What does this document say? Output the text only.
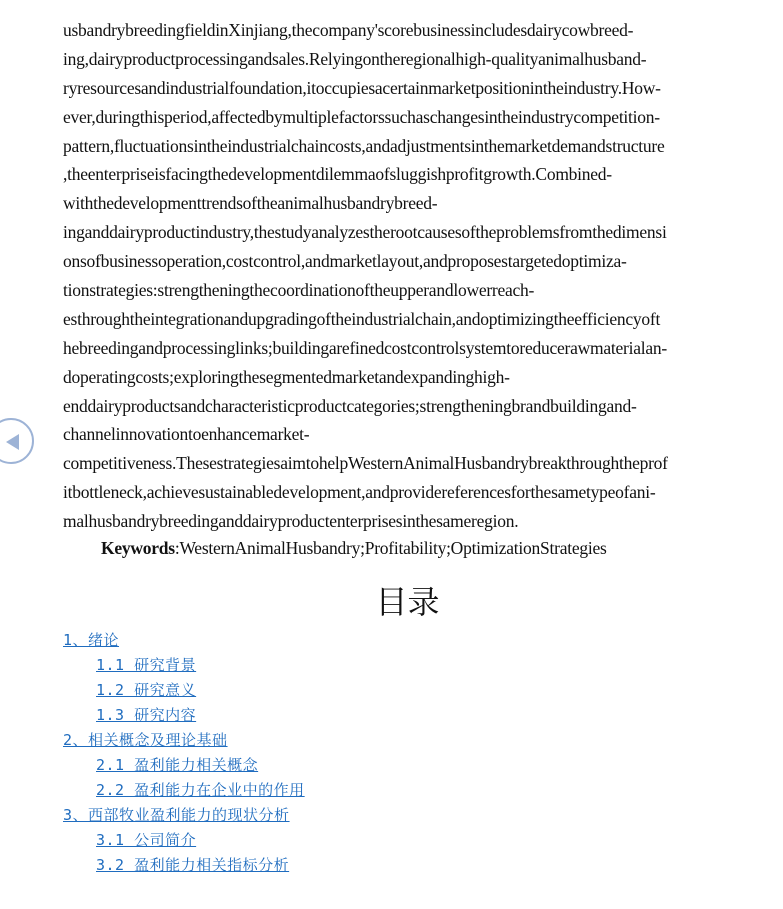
usbandrybreedingfieldinXinjiang,thecompany'scorebusinessincludesdairycowbreed-
ing,dairyproductprocessingandsales.Relyingontheregionalhigh-qualityanimalhusband-
ryresourcesandindustrialfoundation,itoccupiesacertainmarketpositionintheindustry.How-
ever,duringthisperiod,affectedbymultiplefactorssuchaschangesintheindustrycompetition-
pattern,fluctuationsintheindustrialchaincosts,andadjustmentsinthemarketdemandstructure
,theenterpriseisfacingthedevelopmentdilemmaofsluggishprofitgrowth.Combined-
withthedevelopmenttrendsoftheanimalhusbandrybreed-
inganddairyproductindustry,thestudyanalyzestherootcausesoftheproblemsfromthedimensi
onsofbusinessoperation,costcontrol,andmarketlayout,andproposestargetedoptimiza-
tionstrategies:strengtheningthecoordinationoftheupperandlowerreach-
esthroughtheintegrationandupgradingoftheindustrialchain,andoptimizingtheefficiencyoft
hebreedingandprocessinglinks;buildingarefinedcostcontrolsystemtoreducerawmaterialan-
doperatingcosts;exploringthesegmentedmarketandexpandinghigh-
enddairyproductsandcharacteristicproductcategories;strengtheningbrandbuildingand-
channelinnovationtoenhancemarket-
competitiveness.ThesestrategiesaimtohelpWesternAnimalHusbandrybreakthroughtheprof
itbottleneck,achievesustainabledevelopment,andprovidereferencesforthesametypeofani-
malhusbandrybreedinganddairyproductenterprisesinthesameregion.
Keywords:WesternAnimalHusbandry;Profitability;OptimizationStrategies
目录
1、绪论
1.1 研究背景
1.2 研究意义
1.3 研究内容
2、相关概念及理论基础
2.1 盈利能力相关概念
2.2 盈利能力在企业中的作用
3、西部牧业盈利能力的现状分析
3.1 公司简介
3.2 盈利能力相关指标分析
